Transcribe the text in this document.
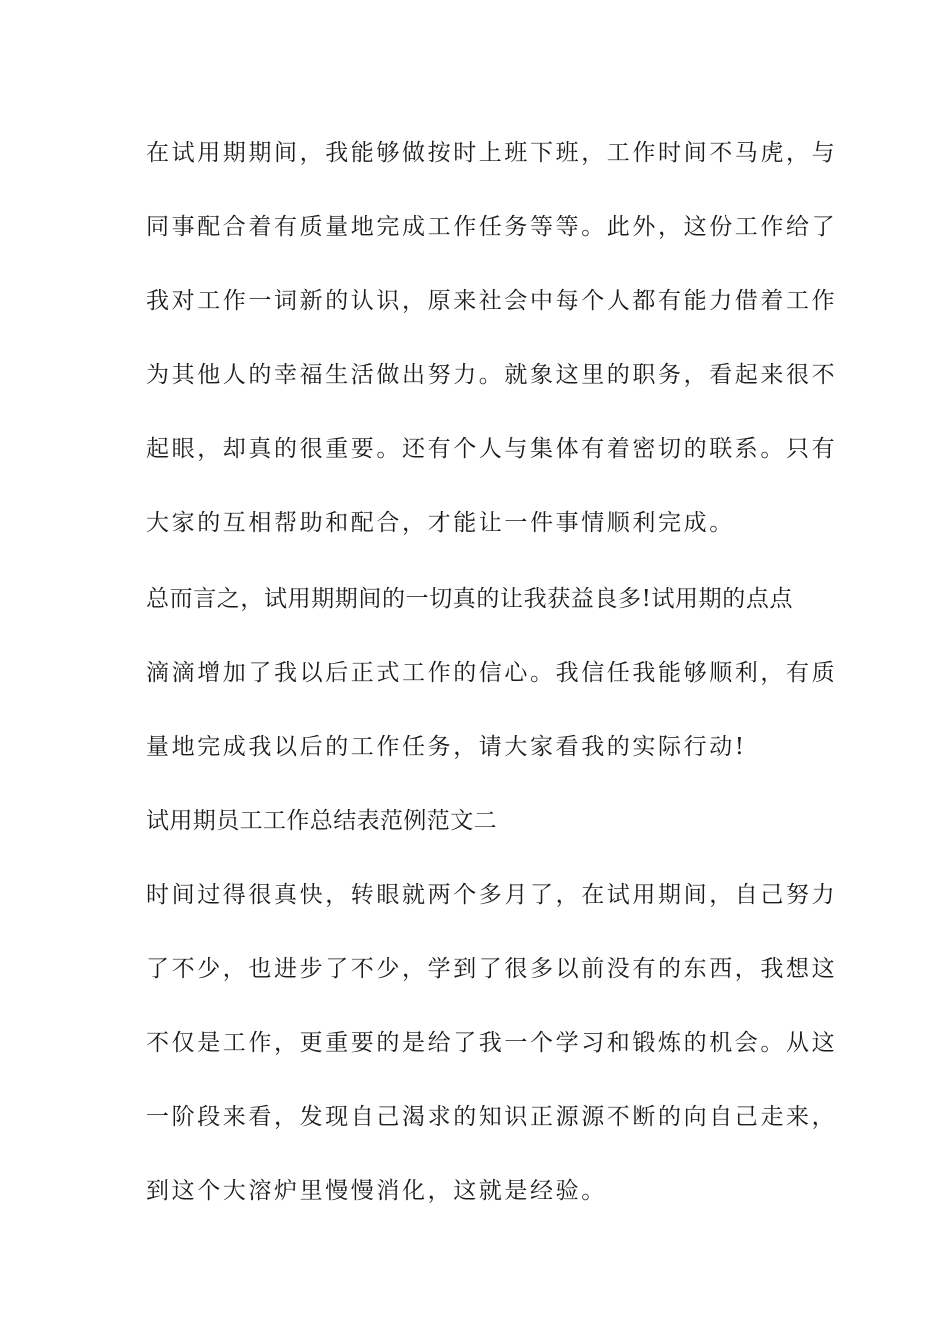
在试用期期间，我能够做按时上班下班，工作时间不马虎，与
同事配合着有质量地完成工作任务等等。此外，这份工作给了
我对工作一词新的认识，原来社会中每个人都有能力借着工作
为其他人的幸福生活做出努力。就象这里的职务，看起来很不
起眼，却真的很重要。还有个人与集体有着密切的联系。只有
大家的互相帮助和配合，才能让一件事情顺利完成。
总而言之，试用期期间的一切真的让我获益良多!试用期的点点
滴滴增加了我以后正式工作的信心。我信任我能够顺利，有质
量地完成我以后的工作任务，请大家看我的实际行动!
试用期员工工作总结表范例范文二
时间过得很真快，转眼就两个多月了，在试用期间，自己努力
了不少，也进步了不少，学到了很多以前没有的东西，我想这
不仅是工作，更重要的是给了我一个学习和锻炼的机会。从这
一阶段来看，发现自己渴求的知识正源源不断的向自己走来，
到这个大溶炉里慢慢消化，这就是经验。
